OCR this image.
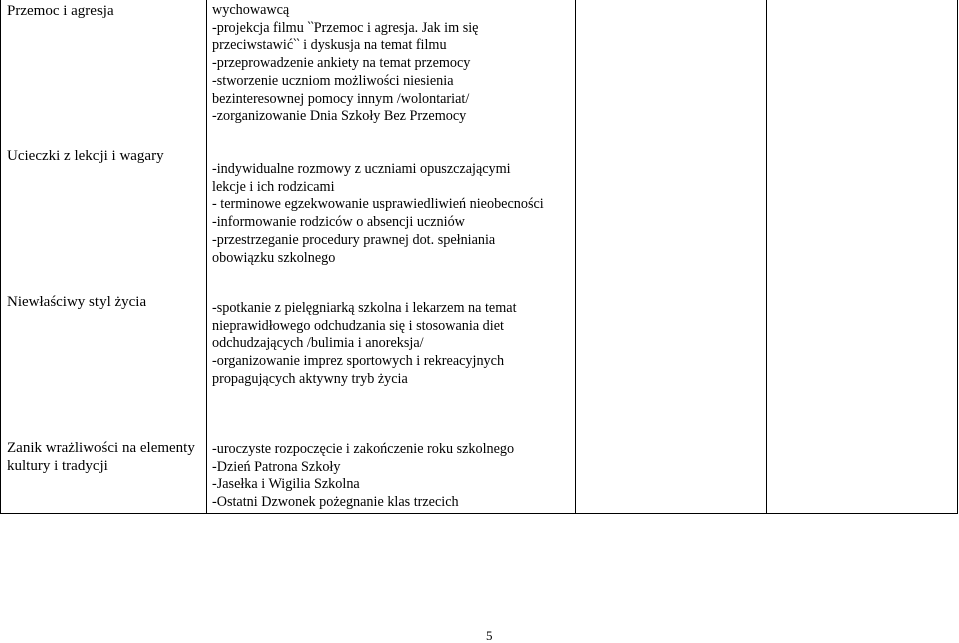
Przemoc i agresja	wychowawcą
-projekcja filmu ‵‵Przemoc i agresja. Jak im się
przeciwstawić‵‵ i dyskusja na temat filmu
-przeprowadzenie ankiety na temat przemocy
-stworzenie uczniom możliwości niesienia
bezinteresownej pomocy innym /wolontariat/
-zorganizowanie Dnia Szkoły Bez Przemocy
Ucieczki z lekcji i wagary
-indywidualne rozmowy z uczniami opuszczającymi
lekcje i ich rodzicami
- terminowe egzekwowanie usprawiedliwień nieobecności
-informowanie rodziców o absencji uczniów
-przestrzeganie procedury prawnej dot. spełniania
obowiązku szkolnego
Niewłaściwy styl życia	-spotkanie z pielęgniarką szkolna i lekarzem na temat
nieprawidłowego odchudzania się i stosowania diet
odchudzających /bulimia i anoreksja/
-organizowanie imprez sportowych i rekreacyjnych
propagujących aktywny tryb życia
Zanik wrażliwości na elementy kultury i tradycji
-uroczyste rozpoczęcie i zakończenie roku szkolnego
-Dzień Patrona Szkoły
-Jasełka i Wigilia Szkolna
-Ostatni Dzwonek pożegnanie klas trzecich
5
